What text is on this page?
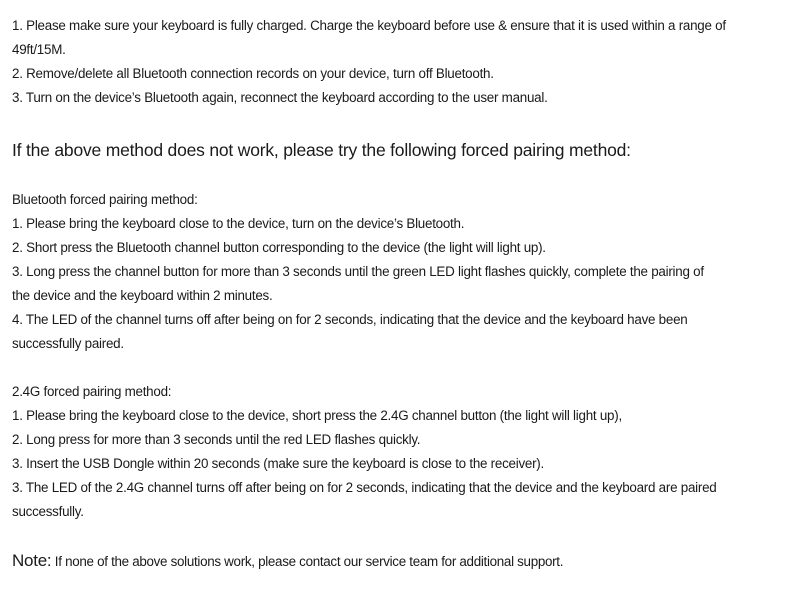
1. Please make sure your keyboard is fully charged. Charge the keyboard before use & ensure that it is used within a range of
49ft/15M.
2. Remove/delete all Bluetooth connection records on your device, turn off Bluetooth.
3. Turn on the device’s Bluetooth again, reconnect the keyboard according to the user manual.
If the above method does not work, please try the following forced pairing method:
Bluetooth forced pairing method:
1. Please bring the keyboard close to the device, turn on the device’s Bluetooth.
2. Short press the Bluetooth channel button corresponding to the device (the light will light up).
3. Long press the channel button for more than 3 seconds until the green LED light flashes quickly, complete the pairing of
the device and the keyboard within 2 minutes.
4. The LED of the channel turns off after being on for 2 seconds, indicating that the device and the keyboard have been
successfully paired.
2.4G forced pairing method:
1. Please bring the keyboard close to the device, short press the 2.4G channel button (the light will light up),
2. Long press for more than 3 seconds until the red LED flashes quickly.
3. Insert the USB Dongle within 20 seconds (make sure the keyboard is close to the receiver).
3. The LED of the 2.4G channel turns off after being on for 2 seconds, indicating that the device and the keyboard are paired
successfully.
Note: If none of the above solutions work, please contact our service team for additional support.
